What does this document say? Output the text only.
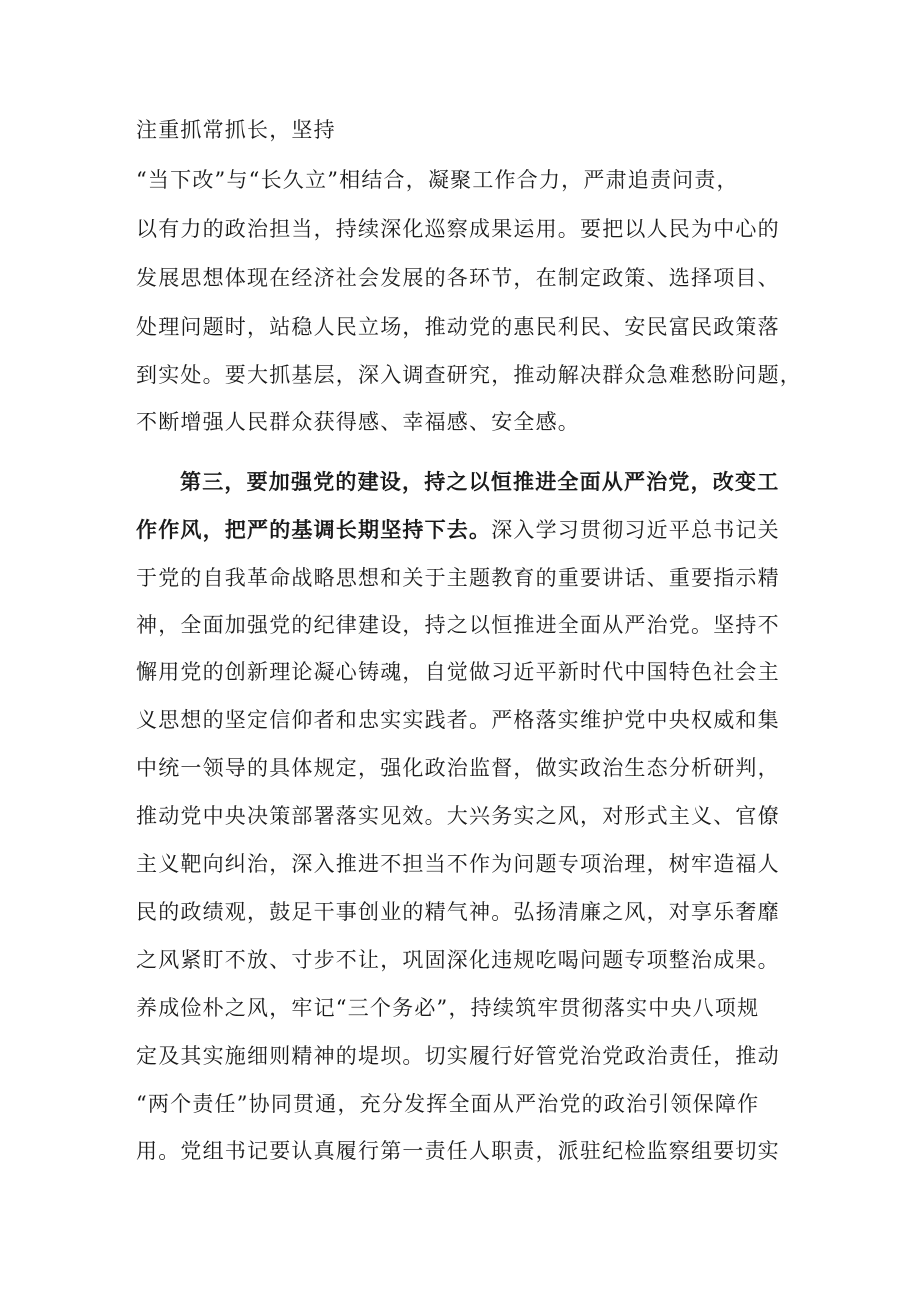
注重抓常抓长，坚持
“当下改”与“长久立”相结合，凝聚工作合力，严肃追责问责，
以有力的政治担当，持续深化巡察成果运用。要把以人民为中心的
发展思想体现在经济社会发展的各环节，在制定政策、选择项目、
处理问题时，站稳人民立场，推动党的惠民利民、安民富民政策落
到实处。要大抓基层，深入调查研究，推动解决群众急难愁盼问题，
不断增强人民群众获得感、幸福感、安全感。
第三，要加强党的建设，持之以恒推进全面从严治党，改变工
作作风，把严的基调长期坚持下去。深入学习贯彻习近平总书记关
于党的自我革命战略思想和关于主题教育的重要讲话、重要指示精
神，全面加强党的纪律建设，持之以恒推进全面从严治党。坚持不
懈用党的创新理论凝心铸魂，自觉做习近平新时代中国特色社会主
义思想的坚定信仰者和忠实实践者。严格落实维护党中央权威和集
中统一领导的具体规定，强化政治监督，做实政治生态分析研判，
推动党中央决策部署落实见效。大兴务实之风，对形式主义、官僚
主义靶向纠治，深入推进不担当不作为问题专项治理，树牢造福人
民的政绩观，鼓足干事创业的精气神。弘扬清廉之风，对享乐奢靡
之风紧盯不放、寸步不让，巩固深化违规吃喝问题专项整治成果。
养成俭朴之风，牢记“三个务必”，持续筑牢贯彻落实中央八项规
定及其实施细则精神的堤坝。切实履行好管党治党政治责任，推动
“两个责任”协同贯通，充分发挥全面从严治党的政治引领保障作
用。党组书记要认真履行第一责任人职责，派驻纪检监察组要切实
